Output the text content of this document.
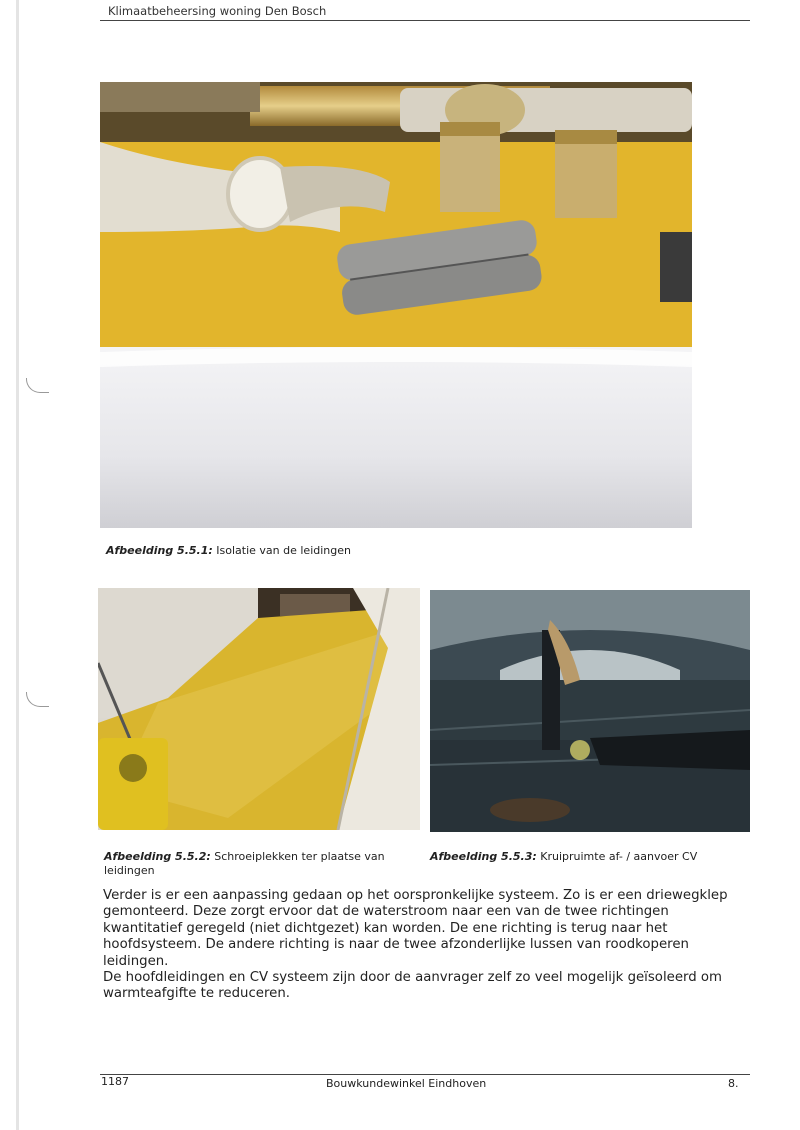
Klimaatbeheersing woning Den Bosch
Afbeelding 5.5.1: Isolatie van de leidingen
Afbeelding 5.5.2: Schroeiplekken ter plaatse van leidingen
Afbeelding 5.5.3: Kruipruimte af- / aanvoer CV

Verder is er een aanpassing gedaan op het oorspronkelijke systeem. Zo is er een driewegklep gemonteerd. Deze zorgt ervoor dat de waterstroom naar een van de twee richtingen kwantitatief geregeld (niet dichtgezet) kan worden. De ene richting is terug naar het hoofdsysteem. De andere richting is naar de twee afzonderlijke lussen van roodkoperen leidingen.

De hoofdleidingen en CV systeem zijn door de aanvrager zelf zo veel mogelijk geïsoleerd om warmteafgifte te reduceren.

1187	Bouwkundewinkel Eindhoven	8.
